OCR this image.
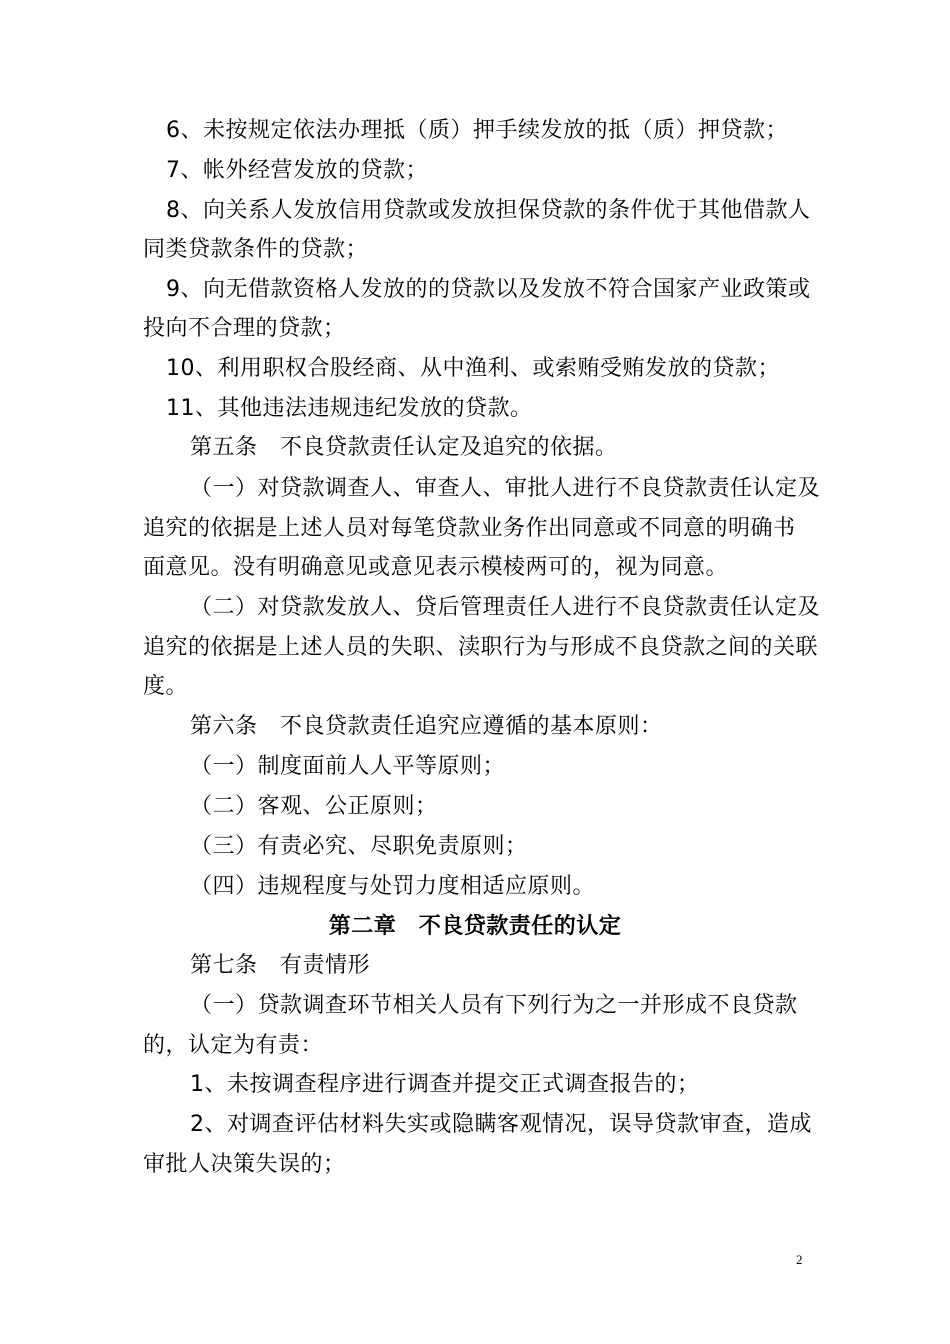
6、未按规定依法办理抵（质）押手续发放的抵（质）押贷款；
7、帐外经营发放的贷款；
8、向关系人发放信用贷款或发放担保贷款的条件优于其他借款人
同类贷款条件的贷款；
9、向无借款资格人发放的的贷款以及发放不符合国家产业政策或
投向不合理的贷款；
10、利用职权合股经商、从中渔利、或索贿受贿发放的贷款；
11、其他违法违规违纪发放的贷款。
第五条　不良贷款责任认定及追究的依据。
（一）对贷款调查人、审查人、审批人进行不良贷款责任认定及
追究的依据是上述人员对每笔贷款业务作出同意或不同意的明确书
面意见。没有明确意见或意见表示模棱两可的，视为同意。
（二）对贷款发放人、贷后管理责任人进行不良贷款责任认定及
追究的依据是上述人员的失职、渎职行为与形成不良贷款之间的关联
度。
第六条　不良贷款责任追究应遵循的基本原则：
（一）制度面前人人平等原则；
（二）客观、公正原则；
（三）有责必究、尽职免责原则；
（四）违规程度与处罚力度相适应原则。
第二章　不良贷款责任的认定
第七条　有责情形
（一）贷款调查环节相关人员有下列行为之一并形成不良贷款
的，认定为有责：
1、未按调查程序进行调查并提交正式调查报告的；
2、对调查评估材料失实或隐瞒客观情况，误导贷款审查，造成
审批人决策失误的；
2
